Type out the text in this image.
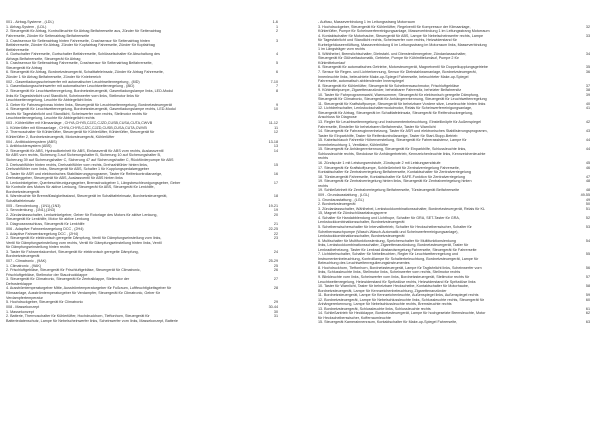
001 - Airbag-Systeme , (LDL)	1-6
1. Airbag-System , (LDL)	1
2. Steuergerät für Airbag, Kontrollleuchte für Airbag Beifahrerseite aus, Zünder für Seitenairbag	2
Fahrerseite, Zünder für Seitenairbag Beifahrerseite
3. Crashsensor für Seitenairbag hinten Fahrerseite, Crashsensor für Seitenairbag hinten	3
Beifahrerseite, Zünder für Airbag, Zünder für Kopfairbag Fahrerseite, Zünder für Kopfairbag
Beifahrerseite
4. Gurtschalter Fahrerseite, Gurtschalter Beifahrerseite, Schlüsselschalter für Abschaltung des	4
Airbags Beifahrerseite, Steuergerät für Airbag
5. Crashsensor für Seitenairbag Fahrerseite, Crashsensor für Seitenairbag Beifahrerseite,	5
Steuergerät für Airbag
6. Steuergerät für Airbag, Bordnetzsteuergerät, Schalttafeleinsatz, Zünder für Airbag Fahrerseite,	6
Zünder 1 für Airbag Beifahrerseite, Zünder für Kniebereich
002 - Gasentladungsscheinwerfer mit automatischer Leuchtweitenregelung , (8ID)	7-10
1. Gasentladungsscheinwerfer mit automatischer Leuchtweitenregelung , (8ID)	7
2. Steuergerät für Leuchtweitenregelung, Bordnetzsteuergerät, Gasentladungslampe links, LED-Modul	8
links für Tagesfahrlicht und Standlicht, Scheinwerfer vorn links, Stellmotor links für
Leuchtweitenregelung, Leuchte für Abbiegelicht links
3. Geber für Fahrzeugniveau hinten links, Steuergerät für Leuchtweitenregelung, Bordnetzsteuergerät	9
4. Steuergerät für Leuchtweitenregelung, Bordnetzsteuergerät, Gasentladungslampe rechts, LED-Modul	10
rechts für Tagesfahrlicht und Standlicht, Scheinwerfer vorn rechts, Stellmotor rechts für
Leuchtweitenregelung, Leuchte für Abbiegelicht rechts
003 - Kühlerlüfter mit Klimaanlage , CHYA,CHYB,CJZC,CJZD,CUSB,CUSA,CUTA,CWVB	11-12
1. Kühlerlüfter mit Klimaanlage , CHYA,CHYB,CJZC,CJZD,CUSB,CUSA,CUTA,CWVB	11
2. Thermoschalter für Kühlerlüfter, Steuergerät für Kühlerlüfter, Kühlerlüfter, Steuergerät für	12
Kühlerlüfter 2, Bordnetzsteuergerät, Motorsteuergerät, Kühlerlüfter
004 - Antiblockiersystem (ABS)	13-18
1. Antiblockiersystem (ABS)	13
2. Steuergerät für ABS, Hydraulikeinheit für ABS, Einlassventil für ABS vorn rechts, Auslassventil	14
für ABS vorn rechts, Sicherung 3 auf Sicherungshalter B, Sicherung 10 auf Sicherungshalter B,
Sicherung 39 auf Sicherungshalter C, Sicherung 47 auf Sicherungshalter C, Rückförderpumpe für ABS
3. Drehzahlfühler hinten rechts, Drehzahlfühler vorn rechts, Drehzahlfühler hinten links,	15
Drehzahlfühler vorn links, Steuergerät für ABS, Schalter 1 für Kupplungspedalweggeber
4. Taster für ASR und elektronisches Stabilisierungsprogramm, Taster für Reifenkontrollanzeige,	16
Drehrateggeber, Steuergerät für ABS, Auslassventil für ABS hinten links
5. Lenkwinkelgeber, Querbeschleunigungsgeber, Bremsdruckgeber 1, Längsbeschleunigungsgeber, Geber	17
für Kontrolle des Motors für aktive Lenkung, Steuergerät für ABS, Steuergerät für Lenkhilfe,
Bordnetzsteuergerät
6. Warnleuchte für Bremsflüssigkeitsstand, Steuergerät im Schalttafeleinsatz, Bordnetzsteuergerät,	18
Schalttafeleinsatz
005 - Servolenkung , (1N1),(1N3)	19-21
1. Servolenkung , (1N1),(1N3)	19
2. Zündanlassschalter, Lenkwinkelgeber, Geber für Rotorlage des Motors für aktive Lenkung,	20
Steuergerät für Lenkhilfe, Motor für aktive Lenkung
3. Diagnoseanschluss, Steuergerät für Lenkhilfe	21
006 - Adaptive Fahrwerksregelung DCC , (2H4)	22-25
1. Adaptive Fahrwerksregelung DCC , (2H4)	22
2. Steuergerät für elektronisch geregelte Dämpfung, Ventil für Dämpfungseinstellung vorn links,	23
Ventil für Dämpfungseinstellung vorn rechts, Ventil für Dämpfungseinstellung hinten links, Ventil
für Dämpfungseinstellung hinten rechts
3. Taster für Fahrwerkskomfort, Steuergerät für elektronisch geregelte Dämpfung,	24
Bordnetzsteuergerät
007 - Climatronic , (9AK)	25-29
1. Climatronic , (9AK)	25
2. Frischluftgebläse, Steuergerät für Frischluftgebläse, Steuergerät für Climatronic,	26
Frischluftgebläse, Stellmotor der Staudruckklappe
3. Steuergerät für Climatronic, Steuergerät für Zentralklappe, Stellmotor der	27
Defrosterklappe
4. Ausströmtemperaturgeber Mitte, Ausströmtemperaturgeber für Fußraum, Luftfeuchtigkeitsgeber für	28
Klimaanlage, Ausströmtemperaturgeber für Verdampfer, Steuergerät für Climatronic, Geber für
Verdampfertemperatur
5. Hochdruckgeber, Steuergerät für Climatronic	29
008 - Massekonzept	30-44
1. Massekonzept	30
2. Batterie, Thermoschalter für Kühlerlüfter, Hochdruckhorn, Tieftonhorn, Steuergerät für	31
Batteriedatenschutz, Lampe für Nebelscheinwerfer links, Scheinwerfer vorn links, Massekonzept, Batterie
- Aufbau, Masseverbindung 1 im Leitungsstrang Motorraum
3. Hochdruckgeber, Steuergerät für Kühlerlüfter, Regelventil für Kompressor der Klimaanlage,	32
Kühlerlüfter, Pumpe für Scheinwerferreinigungsanlage, Masseverbindung 1 im Leitungsstrang Motorraum
4. Kontaktschalter für Motorhaube, Steuergerät für ABS, Lampe für Nebelscheinwerfer rechts, Lampe	33
für Tagesfahrlicht und Standlicht rechts, Scheinwerfer vorn rechts, Heizwiderstand für
Kurbelgehäuseentlüftung, Masseverbindung 6 im Leitungsstrang im Motorraum links, Masseverbindung
1 im Längsträger vorn rechts
5. Wählhebel, Bremslichtschalter, Diebstahl- und Diensterdienergeber, Zündanlassschalter,	34
Steuergerät für Glühzeitautomatik, Getriebe, Pumpe für Kühlmittelumlauf, Pumpe 2 für
Kühlmittelumlauf
6. Steuergerät für automatisches Getriebe, Motorsteuergerät, Magnetventil für Doppelkupplungsgetriebe	35
7. Sensor für Regen- und Lichterkennung, Sensor für Diebstahlwarnanlage, Bordnetzsteuergerät,	36
Innenleuchte links, beleuchtete Make-up-Spiegel Fahrerseite, beleuchteter Make-up-Spiegel
Fahrerseite, automatisch abblendender Innenspiegel
8. Steuergerät für Kühlerlüfter, Steuergerät für Scheibenwaschmotor, Frischluftgebläse	37
9. Kühlmittelpumpe, Zigarettenanzünder, beheizbarer Fahrersitz, beheizter Beifahrersitz	38
10. Taster für Fahrprogrammwahl, Warnsummer, Steuergerät für elektronisch geregelte Dämpfung,	39
Steuergerät für Climatronic, Steuergerät für Anhängererkennung, Steuergerät für Leuchtweitenregelung
11. Steuergerät für Kraftstoffpumpe, Steuergerät für beheizbare Vordere sitze, Leseleuchte hinten links	40
12. Lichtdrehschalter, Lenkstockschaltermodulmotor, Relais für Scheinwerferreinigungsanlage,	41
Steuergerät für Airbag, Steuergerät im Schalttafeleinsatz, Steuergerät für Reifendruckregelung,
Anschluss für Diagnose
13. Regler für Leuchtweitenregelung und Instrumentenbeleuchtung, Einstellknöpfe für Außenspiegel	42
Fahrerseite, Einsteller für beheizbaren Beifahrersitz, Taster für Warnlicht
14. Steuergerät für Fahrzeuginnenheizung, Taster für ASR und elektronisches Stabilisierungsprogramm,	43
Taster für Einparkhilfe, Taster für Reifenkontrollanzeige, Taster für Start-Stopp-Betrieb
15. Kabelschlauch Fahrertür Höhenverstellung, Steuergerät für Fahrerassistenz, Lampe für	44
Innenbeleuchtung 1, Ventilator, Kühlerlüfter
15. Steuergerät für Anhängererkennung, Steuergerät für Einparkhilfe, Schlussleuchte links,	44
Schlussleuchte rechts, Steckdose für Anhängerbetrieb, Kennzeichenleuchte links, Kennzeichenleuchte
rechts
16. Zündspule 1 mit Leistungsendstufe, Zündspule 2 mit Leistungsendstufe	45
17. Steuergerät für Kraftstoffpumpe, Schließeinheit für Zentralverriegelung Fahrerseite,	46
Kontaktschalter für Zentralverriegelung Beifahrerseite, Kontaktschalter für Zentralverriegelung
18. Türsteuergerät Fahrerseite, Kontaktschalter für SAFE-Funktion für Zentralverriegelung	47
19. Steuergerät für Zentralverriegelung hinten links, Steuergerät für Zentralverriegelung hinten	48
rechts
19. Schließeinheit für Zentralverriegelung Beifahrerseite, Türsteuergerät Beifahrerseite	48
009 - Grundausstattung , (LGL)	49-55
1. Grundausstattung , (LGL)	49
2. Bordnetzsteuergerät	50
3. Zündanlassschalter, Wählhebel, Lenkstockkombinationsschalter, Bordnetzsteuergerät, Relais für KL	51
15, Magnet für Zündschlüsselabzugsperre
4. Schalter für Handabblendung und Lichthupe, Schalter für GRA, SET-Taster für GRA,	52
Lenkstockkombinationsschalter, Bordnetzsteuergerät
5. Scheibenwischerschalter für Intervallbetrieb, Schalter für Heckscheibenwischer, Schalter für	53
Scheibenwaschpumpe (Wasch-Wasch-Automatik und Scheinwerferreinigungsanlage),
Lenkstockkombinationsschalter, Bordnetzsteuergerät
6. Multischalter für Multifunktionslenkung, Speicherschalter für Multifunktionslenkung	54
links, Lenkstockkombinationsschalter, Zigarettenanzündung, Bordnetzsteuergerät, Taster für
Lenkradbeheizung, Taster für Lenkrad Abstandsregelung Fahrerseite, Steuergerät für Fahrerseite
7. Lichtdrehschalter, Schalter für Nebelleuchten, Regler für Leuchtweitenregelung und	55
Instrumentenbeleuchtung, Kontrolllampe für Schalterbeleuchtung, Bordnetzsteuergerät, Lampe für
Beleuchtung des Leuchtweitenregulierungsinstrumentes
8. Hochdruckhorn, Tieftonhorn, Bordnetzsteuergerät, Lampe für Tagfahrlicht links, Scheinwerfer vorn	56
links, Schlussleuchte links, Stellmotor links, Scheinwerfer vorn rechts, Stellmotor rechts
9. Blinkleuchte vorn links, Scheinwerfer vorn links, Bordnetzsteuergerät, Stellmotor rechts für	57
Leuchtweitenregelung, Heizwiderstand für Spritzdüse rechts, Heizwiderstand für Spritzdüse links
10. Taster für Warnlicht, Taster für beheizbare Heckscheibe, Kontaktschalter für Motorhaube,	58
Bordnetzsteuergerät, Lampe für Kennzeichenbeleuchtung, Zigarettenanzünder
11. Bordnetzsteuergerät, Lampe für Kennzeichenleuchte, Außenspiegel links, Außenspiegel rechts	59
12. Bordnetzsteuergerät, Lampe für Nebelschlussleuchte links, Schlussleuchte rechts, Steuergerät für	60
Anhängererkennung, Lampe für Nebelschlussleuchte rechts, Bremsleuchte rechts
13. Bordnetzsteuergerät, Schlussleuchte links, Schlussleuchte rechts	61
14. Schließantrieb für Heckklappe, Bordnetzsteuergerät, Lampe für hochgesetzte Bremsleuchte, Motor	62
für Heckscheibenwischer, Kofferraumleuchte
15. Steuergerät Kamerainnenraum, Kontaktschalter für Make-up-Spiegel Fahrerseite,	63
